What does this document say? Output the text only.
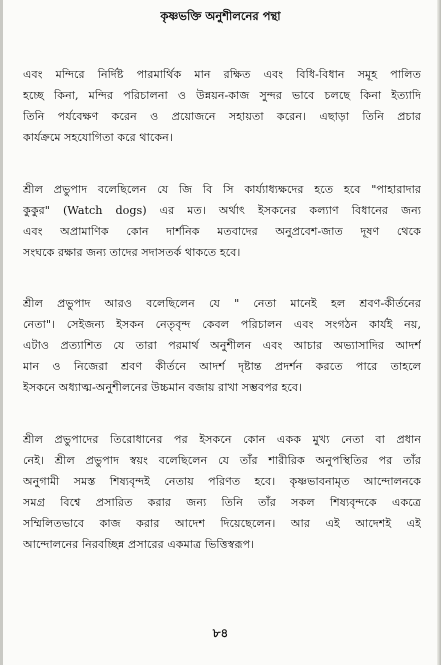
কৃষ্ণভক্তি অনুশীলনের পন্থা
এবং মন্দিরে নির্দিষ্ট পারমার্থিক মান রক্ষিত এবং বিধি-বিধান সমূহ পালিত
হচ্ছে কিনা, মন্দির পরিচালনা ও উন্নয়ন-কাজ সুন্দর ভাবে চলছে কিনা ইত্যাদি
তিনি পর্যবেক্ষণ করেন ও প্রয়োজনে সহায়তা করেন। এছাড়া তিনি প্রচার
কার্যক্রমে সহযোগিতা করে থাকেন।
শ্রীল প্রভুপাদ বলেছিলেন যে জি বি সি কার্য্যাধ্যক্ষদের হতে হবে "পাহারাদার
কুকুর" (Watch dogs) এর মত। অর্থাৎ ইসকনের কল্যাণ বিধানের জন্য
এবং অপ্রামাণিক কোন দার্শনিক মতবাদের অনুপ্রবেশ-জাত দূষণ থেকে
সংঘকে রক্ষার জন্য তাদের সদাসতর্ক থাকতে হবে।
শ্রীল প্রভুপাদ আরও বলেছিলেন যে " নেতা মানেই হল শ্রবণ-কীর্তনের
নেতা"। সেইজন্য ইসকন নেতৃবৃন্দ কেবল পরিচালন এবং সংগঠন কার্যই নয়,
এটাও প্রত্যাশিত যে তারা পরমার্থ অনুশীলন এবং আচার অভ্যাসাদির আদর্শ
মান ও নিজেরা শ্রবণ কীর্তনে আদর্শ দৃষ্টান্ত প্রদর্শন করতে পারে তাহলে
ইসকনে অধ্যাত্ম-অনুশীলনের উচ্চমান বজায় রাখা সম্ভবপর হবে।
শ্রীল প্রভুপাদের তিরোধানের পর ইসকনে কোন একক মুখ্য নেতা বা প্রধান
নেই। শ্রীল প্রভুপাদ স্বয়ং বলেছিলেন যে তাঁর শারীরিক অনুপস্থিতির পর তাঁর
অনুগামী সমস্ত শিষ্যবৃন্দই নেতায় পরিণত হবে। কৃষ্ণভাবনামৃত আন্দোলনকে
সমগ্র বিশ্বে প্রসারিত করার জন্য তিনি তাঁর সকল শিষ্যবৃন্দকে একত্রে
সম্মিলিতভাবে কাজ করার আদেশ দিয়েছেলেন। আর এই আদেশই এই
আন্দোলনের নিরবচ্ছিন্ন প্রসারের একমাত্র ভিত্তিস্বরূপ।
৮৪
